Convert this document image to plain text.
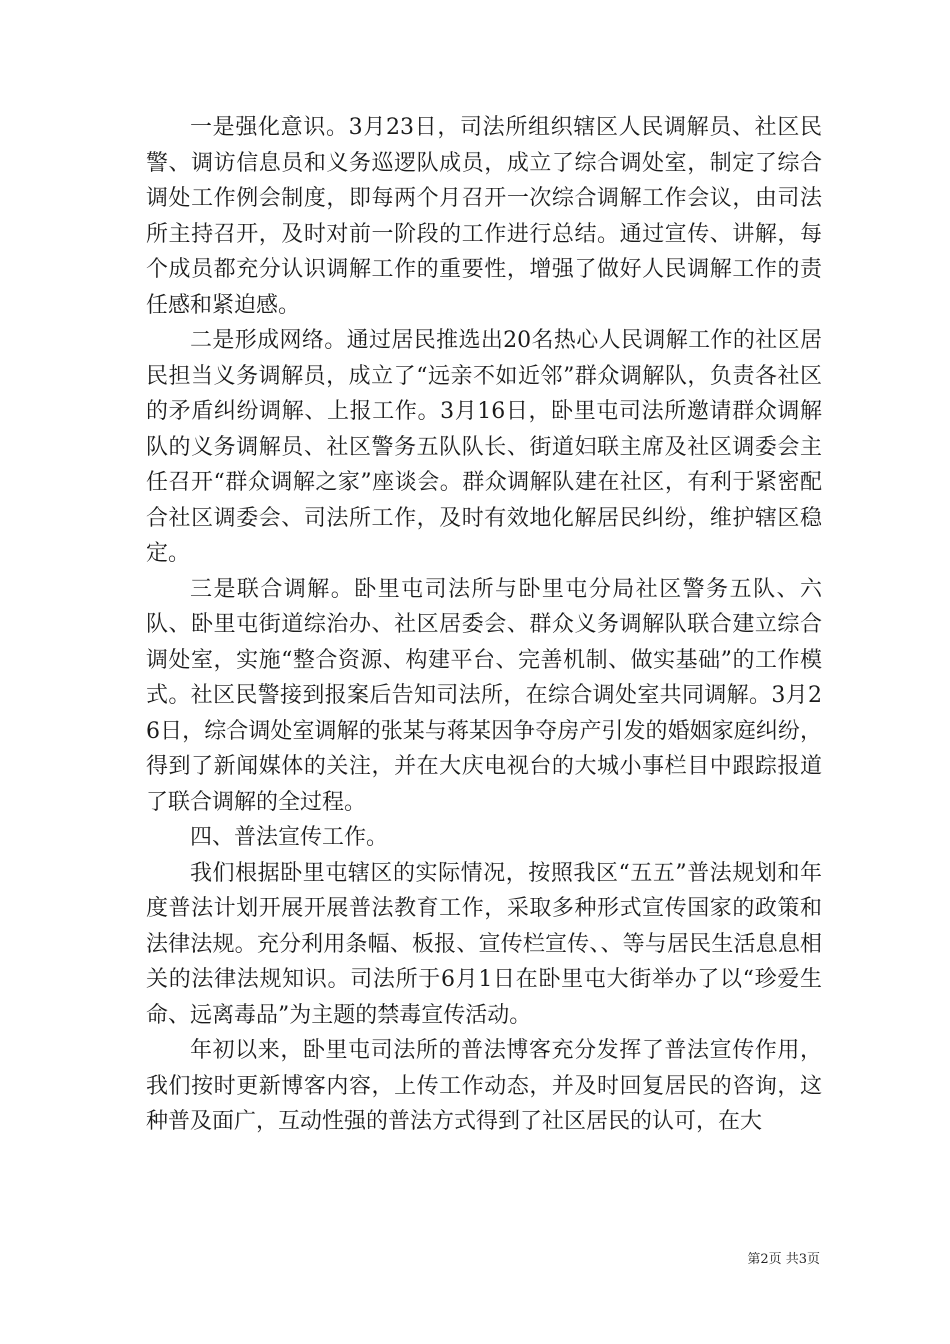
一是强化意识。3月23日，司法所组织辖区人民调解员、社区民警、调访信息员和义务巡逻队成员，成立了综合调处室，制定了综合调处工作例会制度，即每两个月召开一次综合调解工作会议，由司法所主持召开，及时对前一阶段的工作进行总结。通过宣传、讲解，每个成员都充分认识调解工作的重要性，增强了做好人民调解工作的责任感和紧迫感。

二是形成网络。通过居民推选出20名热心人民调解工作的社区居民担当义务调解员，成立了“远亲不如近邻”群众调解队，负责各社区的矛盾纠纷调解、上报工作。3月16日，卧里屯司法所邀请群众调解队的义务调解员、社区警务五队队长、街道妇联主席及社区调委会主任召开“群众调解之家”座谈会。群众调解队建在社区，有利于紧密配合社区调委会、司法所工作，及时有效地化解居民纠纷，维护辖区稳定。

三是联合调解。卧里屯司法所与卧里屯分局社区警务五队、六队、卧里屯街道综治办、社区居委会、群众义务调解队联合建立综合调处室，实施“整合资源、构建平台、完善机制、做实基础”的工作模式。社区民警接到报案后告知司法所，在综合调处室共同调解。3月26日，综合调处室调解的张某与蒋某因争夺房产引发的婚姻家庭纠纷，得到了新闻媒体的关注，并在大庆电视台的大城小事栏目中跟踪报道了联合调解的全过程。

四、普法宣传工作。

我们根据卧里屯辖区的实际情况，按照我区“五五”普法规划和年度普法计划开展开展普法教育工作，采取多种形式宣传国家的政策和法律法规。充分利用条幅、板报、宣传栏宣传、、等与居民生活息息相关的法律法规知识。司法所于6月1日在卧里屯大街举办了以“珍爱生命、远离毒品”为主题的禁毒宣传活动。

年初以来，卧里屯司法所的普法博客充分发挥了普法宣传作用，我们按时更新博客内容，上传工作动态，并及时回复居民的咨询，这种普及面广，互动性强的普法方式得到了社区居民的认可，在大

第2页 共3页
